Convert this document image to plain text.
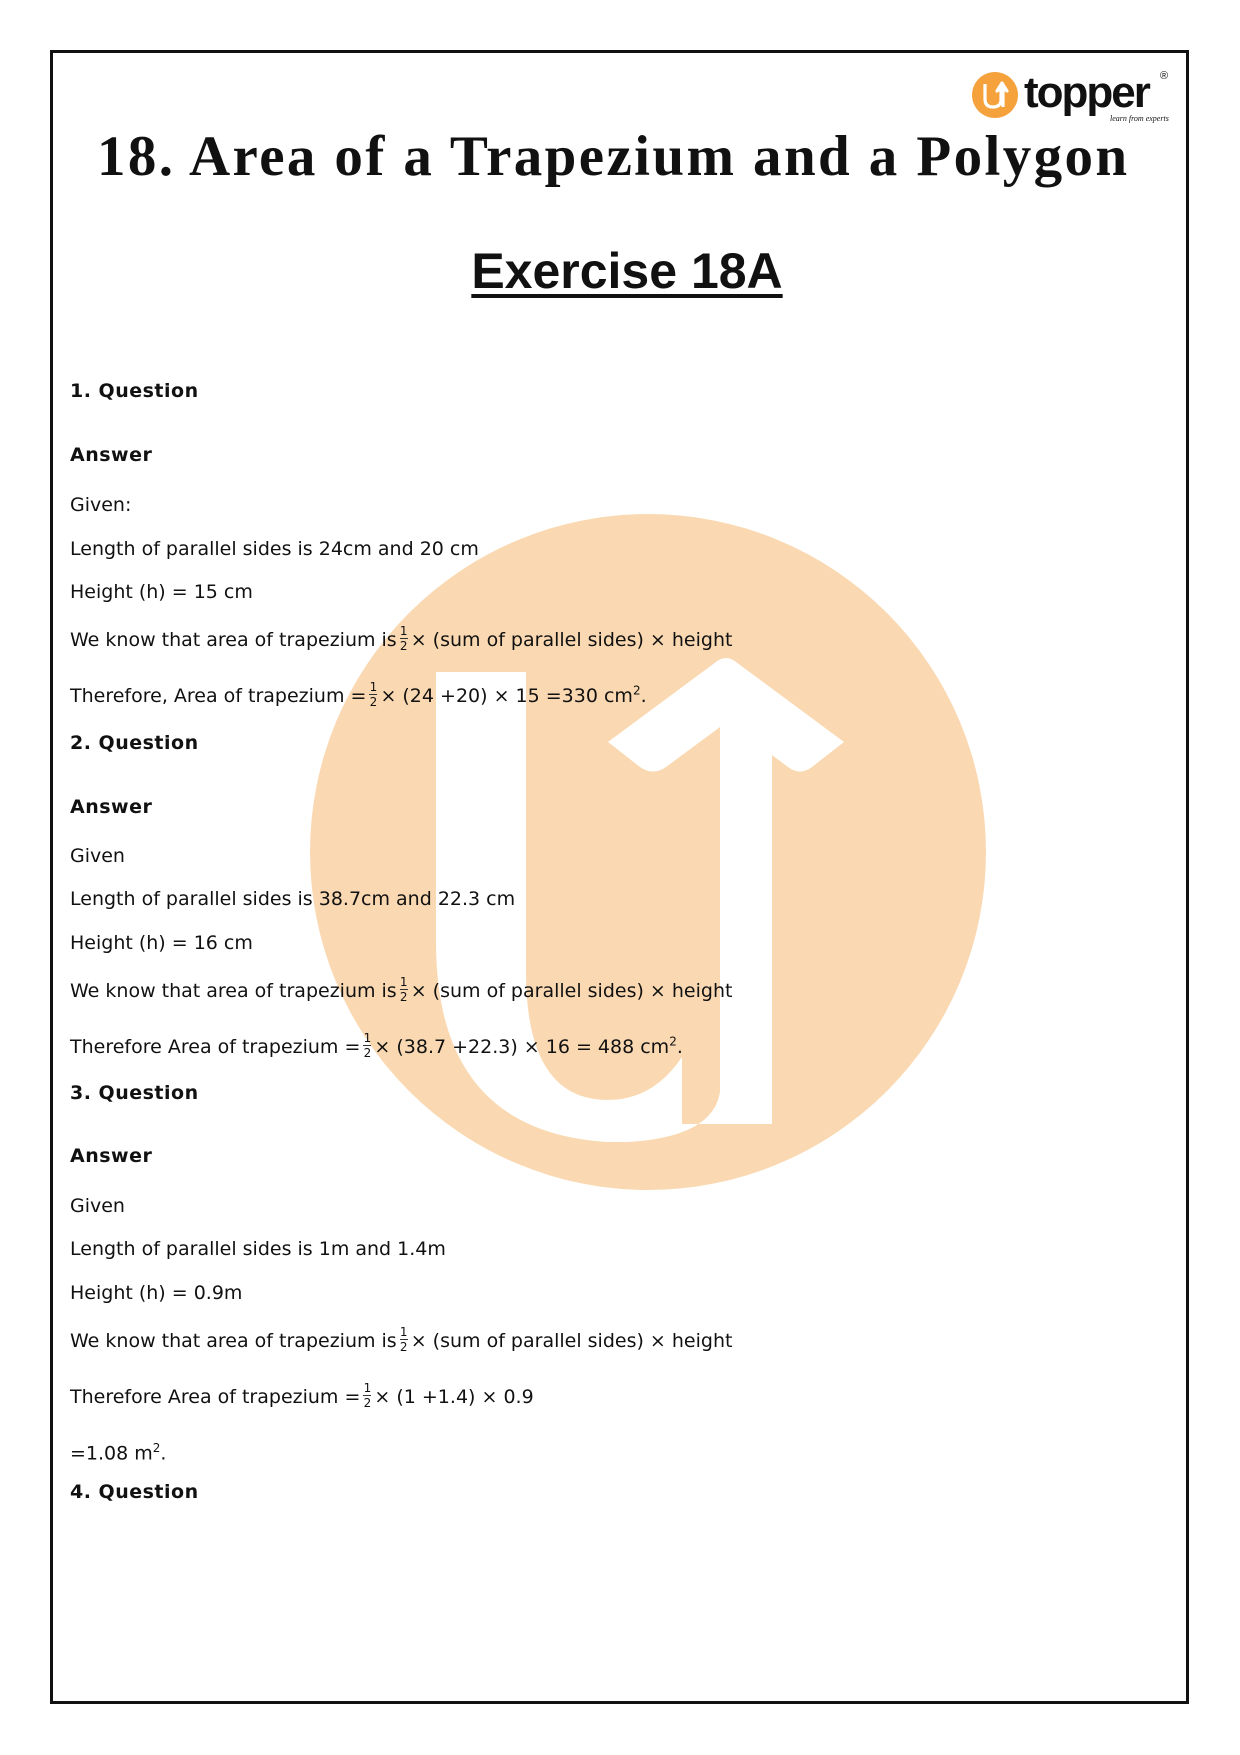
topper ®
learn from experts
18. Area of a Trapezium and a Polygon
Exercise 18A
1. Question
Answer
Given:
Length of parallel sides is 24cm and 20 cm
Height (h) = 15 cm
We know that area of trapezium is $\frac{1}{2} \times (sum$ of parallel sides) × height
Therefore, Area of trapezium = $\frac{1}{2} \times (24 +20) \times 15 =330$ $cm^2$.
2. Question
Answer
Given
Length of parallel sides is 38.7cm and 22.3 cm
Height (h) = 16 cm
We know that area of trapezium is $\frac{1}{2} \times (sum$ of parallel sides) × height
Therefore Area of trapezium = $\frac{1}{2} \times (38.7 +22.3) \times 16 = 488$ $cm^2$.
3. Question
Answer
Given
Length of parallel sides is 1m and 1.4m
Height (h) = 0.9m
We know that area of trapezium is $\frac{1}{2} \times (sum$ of parallel sides) × height
Therefore Area of trapezium = $\frac{1}{2} \times (1 +1.4) \times 0.9$
=1.08 $m^2$.
4. Question
